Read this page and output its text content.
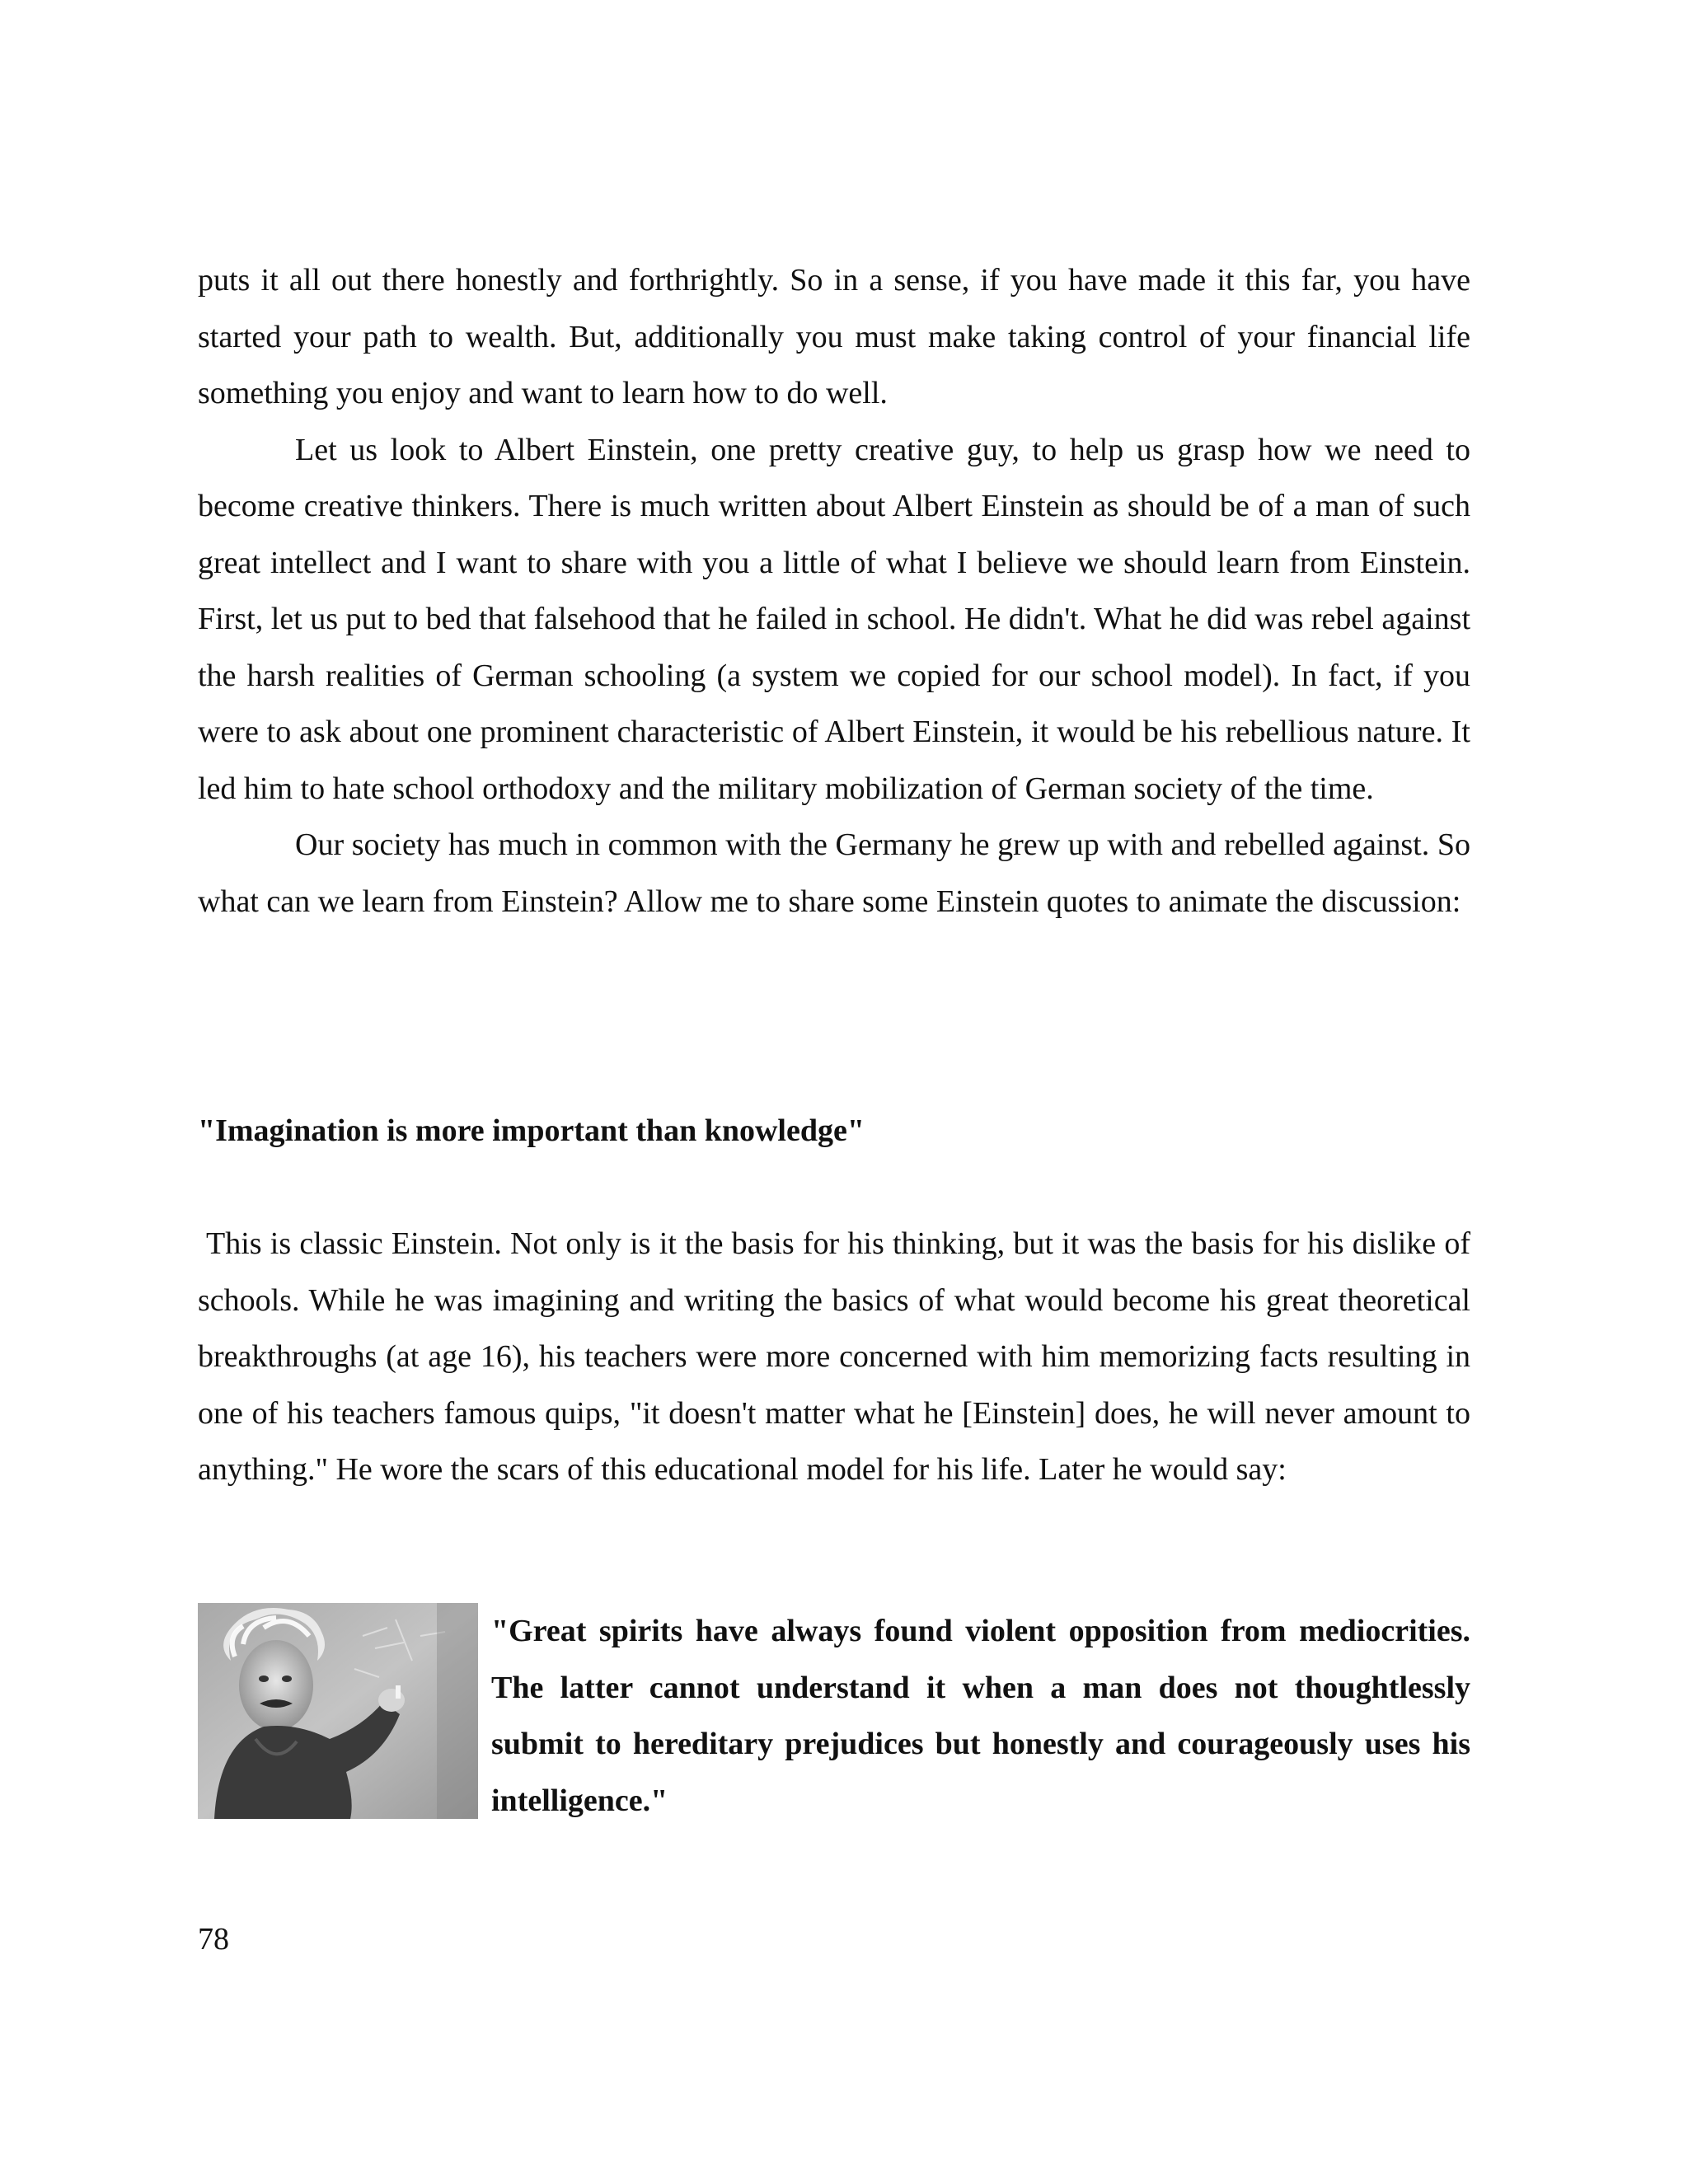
puts it all out there honestly and forthrightly. So in a sense, if you have made it this far, you have started your path to wealth. But, additionally you must make taking control of your financial life something you enjoy and want to learn how to do well.

Let us look to Albert Einstein, one pretty creative guy, to help us grasp how we need to become creative thinkers. There is much written about Albert Einstein as should be of a man of such great intellect and I want to share with you a little of what I believe we should learn from Einstein. First, let us put to bed that falsehood that he failed in school. He didn't. What he did was rebel against the harsh realities of German schooling (a system we copied for our school model). In fact, if you were to ask about one prominent characteristic of Albert Einstein, it would be his rebellious nature. It led him to hate school orthodoxy and the military mobilization of German society of the time.

Our society has much in common with the Germany he grew up with and rebelled against. So what can we learn from Einstein? Allow me to share some Einstein quotes to animate the discussion:

"Imagination is more important than knowledge"

This is classic Einstein. Not only is it the basis for his thinking, but it was the basis for his dislike of schools. While he was imagining and writing the basics of what would become his great theoretical breakthroughs (at age 16), his teachers were more concerned with him memorizing facts resulting in one of his teachers famous quips, "it doesn't matter what he [Einstein] does, he will never amount to anything." He wore the scars of this educational model for his life. Later he would say:

"Great spirits have always found violent opposition from mediocrities. The latter cannot understand it when a man does not thoughtlessly submit to hereditary prejudices but honestly and courageously uses his intelligence."

78
